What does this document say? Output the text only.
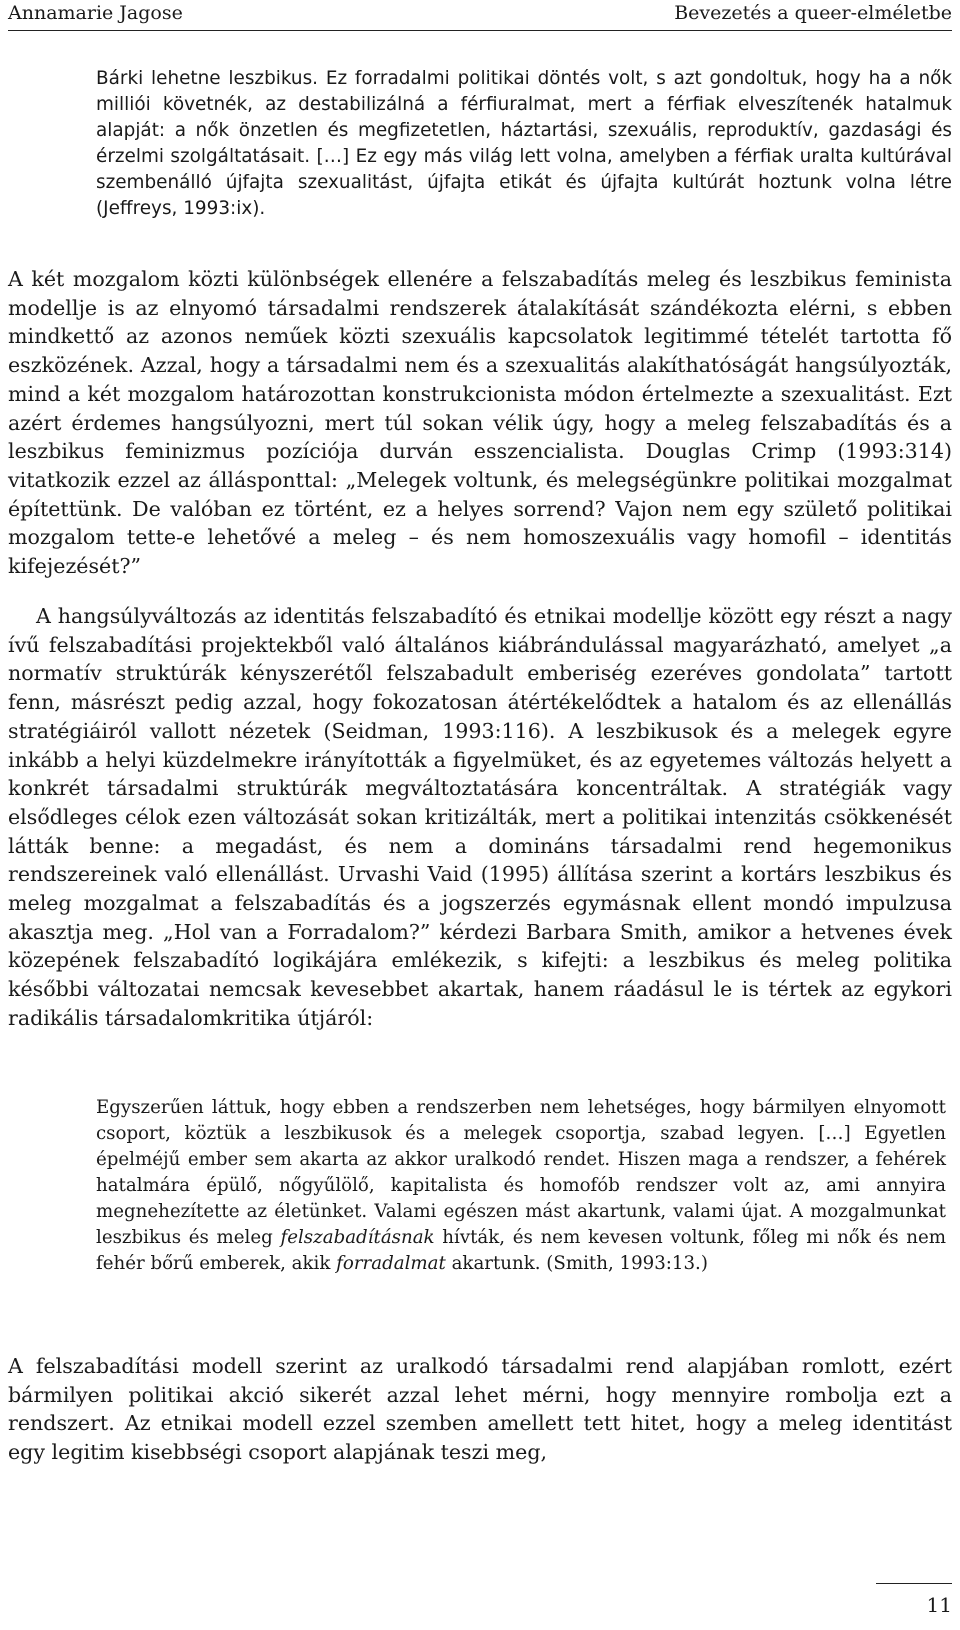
Annamarie Jagose	Bevezetés a queer-elméletbe
Bárki lehetne leszbikus. Ez forradalmi politikai döntés volt, s azt gondoltuk, hogy ha a nők milliói követnék, az destabilizálná a férfiuralmat, mert a férfiak elveszítenék hatalmuk alapját: a nők önzetlen és megfizetetlen, háztartási, szexuális, reproduktív, gazdasági és érzelmi szolgáltatásait. […] Ez egy más világ lett volna, amelyben a férfiak uralta kultúrával szembenálló újfajta szexualitást, újfajta etikát és újfajta kultúrát hoztunk volna létre (Jeffreys, 1993:ix).
A két mozgalom közti különbségek ellenére a felszabadítás meleg és leszbikus feminista modellje is az elnyomó társadalmi rendszerek átalakítását szándékozta elérni, s ebben mindkettő az azonos neműek közti szexuális kapcsolatok legitimmé tételét tartotta fő eszközének. Azzal, hogy a társadalmi nem és a szexualitás alakíthatóságát hangsúlyozták, mind a két mozgalom határozottan konstrukcionista módon értelmezte a szexualitást. Ezt azért érdemes hangsúlyozni, mert túl sokan vélik úgy, hogy a meleg felszabadítás és a leszbikus feminizmus pozíciója durván esszencialista. Douglas Crimp (1993:314) vitatkozik ezzel az állásponttal: „Melegek voltunk, és melegségünkre politikai mozgalmat építettünk. De valóban ez történt, ez a helyes sorrend? Vajon nem egy születő politikai mozgalom tette-e lehetővé a meleg – és nem homoszexuális vagy homofil – identitás kifejezését?”
A hangsúlyváltozás az identitás felszabadító és etnikai modellje között egy részt a nagy ívű felszabadítási projektekből való általános kiábrándulással magyarázható, amelyet „a normatív struktúrák kényszerétől felszabadult emberiség ezeréves gondolata” tartott fenn, másrészt pedig azzal, hogy fokozatosan átértékelődtek a hatalom és az ellenállás stratégiáiról vallott nézetek (Seidman, 1993:116). A leszbikusok és a melegek egyre inkább a helyi küzdelmekre irányították a figyelmüket, és az egyetemes változás helyett a konkrét társadalmi struktúrák megváltoztatására koncentráltak. A stratégiák vagy elsődleges célok ezen változását sokan kritizálták, mert a politikai intenzitás csökkenését látták benne: a megadást, és nem a domináns társadalmi rend hegemonikus rendszereinek való ellenállást. Urvashi Vaid (1995) állítása szerint a kortárs leszbikus és meleg mozgalmat a felszabadítás és a jogszerzés egymásnak ellent mondó impulzusa akasztja meg. „Hol van a Forradalom?” kérdezi Barbara Smith, amikor a hetvenes évek közepének felszabadító logikájára emlékezik, s kifejti: a leszbikus és meleg politika későbbi változatai nemcsak kevesebbet akartak, hanem ráadásul le is tértek az egykori radikális társadalomkritika útjáról:
Egyszerűen láttuk, hogy ebben a rendszerben nem lehetséges, hogy bármilyen elnyomott csoport, köztük a leszbikusok és a melegek csoportja, szabad legyen. […] Egyetlen épelméjű ember sem akarta az akkor uralkodó rendet. Hiszen maga a rendszer, a fehérek hatalmára épülő, nőgyűlölő, kapitalista és homofób rendszer volt az, ami annyira megnehezítette az életünket. Valami egészen mást akartunk, valami újat. A mozgalmunkat leszbikus és meleg felszabadításnak hívták, és nem kevesen voltunk, főleg mi nők és nem fehér bőrű emberek, akik forradalmat akartunk. (Smith, 1993:13.)
A felszabadítási modell szerint az uralkodó társadalmi rend alapjában romlott, ezért bármilyen politikai akció sikerét azzal lehet mérni, hogy mennyire rombolja ezt a rendszert. Az etnikai modell ezzel szemben amellett tett hitet, hogy a meleg identitást egy legitim kisebbségi csoport alapjának teszi meg,
11
